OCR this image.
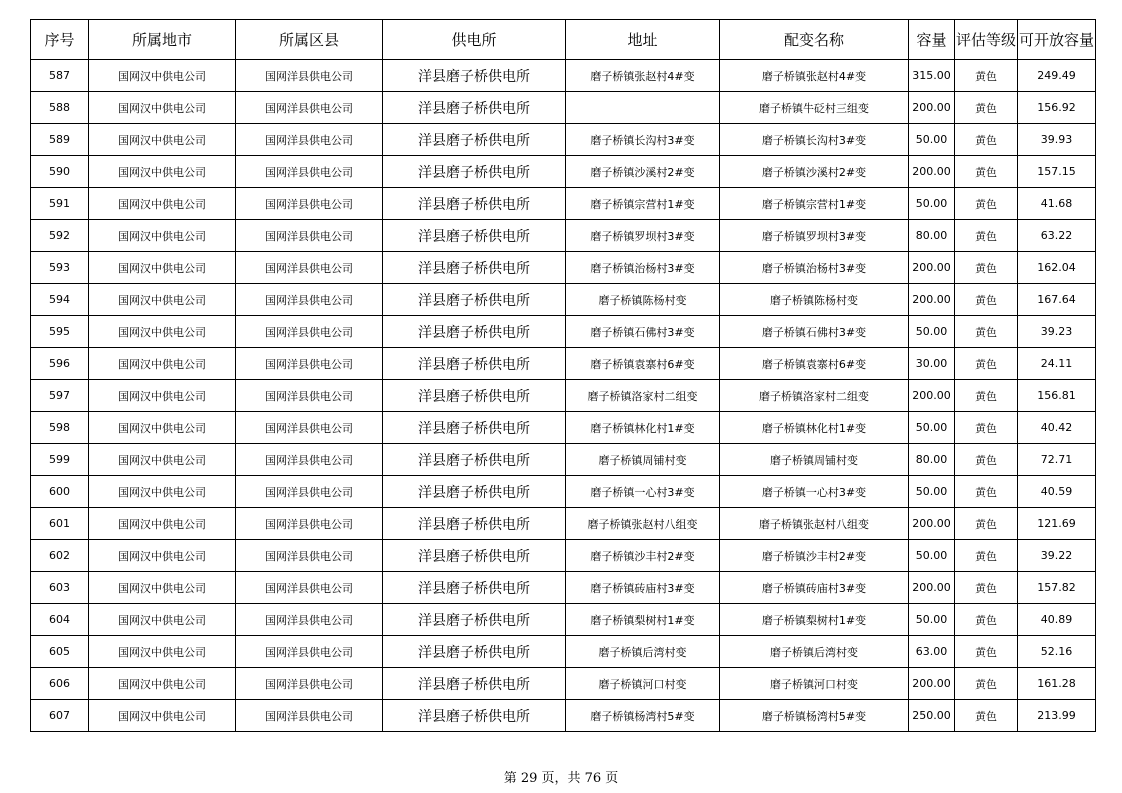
序号	所属地市	所属区县	供电所	地址	配变名称	容量	评估等级	可开放容量
587	国网汉中供电公司	国网洋县供电公司	洋县磨子桥供电所	磨子桥镇张赵村4#变	磨子桥镇张赵村4#变	315.00	黄色	249.49
588	国网汉中供电公司	国网洋县供电公司	洋县磨子桥供电所		磨子桥镇牛砭村三组变	200.00	黄色	156.92
589	国网汉中供电公司	国网洋县供电公司	洋县磨子桥供电所	磨子桥镇长沟村3#变	磨子桥镇长沟村3#变	50.00	黄色	39.93
590	国网汉中供电公司	国网洋县供电公司	洋县磨子桥供电所	磨子桥镇沙溪村2#变	磨子桥镇沙溪村2#变	200.00	黄色	157.15
591	国网汉中供电公司	国网洋县供电公司	洋县磨子桥供电所	磨子桥镇宗营村1#变	磨子桥镇宗营村1#变	50.00	黄色	41.68
592	国网汉中供电公司	国网洋县供电公司	洋县磨子桥供电所	磨子桥镇罗坝村3#变	磨子桥镇罗坝村3#变	80.00	黄色	63.22
593	国网汉中供电公司	国网洋县供电公司	洋县磨子桥供电所	磨子桥镇治杨村3#变	磨子桥镇治杨村3#变	200.00	黄色	162.04
594	国网汉中供电公司	国网洋县供电公司	洋县磨子桥供电所	磨子桥镇陈杨村变	磨子桥镇陈杨村变	200.00	黄色	167.64
595	国网汉中供电公司	国网洋县供电公司	洋县磨子桥供电所	磨子桥镇石佛村3#变	磨子桥镇石佛村3#变	50.00	黄色	39.23
596	国网汉中供电公司	国网洋县供电公司	洋县磨子桥供电所	磨子桥镇袁寨村6#变	磨子桥镇袁寨村6#变	30.00	黄色	24.11
597	国网汉中供电公司	国网洋县供电公司	洋县磨子桥供电所	磨子桥镇洛家村二组变	磨子桥镇洛家村二组变	200.00	黄色	156.81
598	国网汉中供电公司	国网洋县供电公司	洋县磨子桥供电所	磨子桥镇林化村1#变	磨子桥镇林化村1#变	50.00	黄色	40.42
599	国网汉中供电公司	国网洋县供电公司	洋县磨子桥供电所	磨子桥镇周铺村变	磨子桥镇周铺村变	80.00	黄色	72.71
600	国网汉中供电公司	国网洋县供电公司	洋县磨子桥供电所	磨子桥镇一心村3#变	磨子桥镇一心村3#变	50.00	黄色	40.59
601	国网汉中供电公司	国网洋县供电公司	洋县磨子桥供电所	磨子桥镇张赵村八组变	磨子桥镇张赵村八组变	200.00	黄色	121.69
602	国网汉中供电公司	国网洋县供电公司	洋县磨子桥供电所	磨子桥镇沙丰村2#变	磨子桥镇沙丰村2#变	50.00	黄色	39.22
603	国网汉中供电公司	国网洋县供电公司	洋县磨子桥供电所	磨子桥镇砖庙村3#变	磨子桥镇砖庙村3#变	200.00	黄色	157.82
604	国网汉中供电公司	国网洋县供电公司	洋县磨子桥供电所	磨子桥镇梨树村1#变	磨子桥镇梨树村1#变	50.00	黄色	40.89
605	国网汉中供电公司	国网洋县供电公司	洋县磨子桥供电所	磨子桥镇后湾村变	磨子桥镇后湾村变	63.00	黄色	52.16
606	国网汉中供电公司	国网洋县供电公司	洋县磨子桥供电所	磨子桥镇河口村变	磨子桥镇河口村变	200.00	黄色	161.28
607	国网汉中供电公司	国网洋县供电公司	洋县磨子桥供电所	磨子桥镇杨湾村5#变	磨子桥镇杨湾村5#变	250.00	黄色	213.99
第 29 页，共 76 页
